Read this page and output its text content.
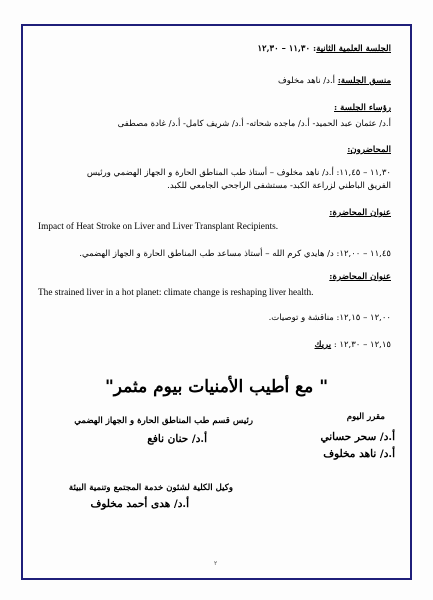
الجلسة العلمية الثانية: ١١,٣٠ – ١٢,٣٠
منسق الجلسة: أ.د/ ناهد مخلوف
رؤساء الجلسة :
أ.د/ عثمان عبد الحميد- أ.د/ ماجده شحاته- أ.د/ شريف كامل- أ.د/ غادة مصطفى
المحاضرون:
١١,٣٠ – ١١,٤٥: أ.د/ ناهد مخلوف – أستاذ طب المناطق الحارة و الجهاز الهضمي ورئيس
الفريق الباطني لزراعة الكبد- مستشفى الراجحي الجامعي للكبد.
عنوان المحاضرة:
Impact of Heat Stroke on Liver and Liver Transplant Recipients.
١١,٤٥ – ١٢,٠٠: د/ هايدي كرم الله – أستاذ مساعد طب المناطق الحارة و الجهاز الهضمي.
عنوان المحاضرة:
The strained liver in a hot planet: climate change is reshaping liver health.
١٢,٠٠ – ١٢,١٥: مناقشة و توصيات.
١٢,١٥ – ١٢,٣٠ : بريك
" مع أطيب الأمنيات بيوم مثمر"
مقرر اليوم
أ.د/ سحر حساني
أ.د/ ناهد مخلوف
رئيس قسم طب المناطق الحارة و الجهاز الهضمي
أ.د/ حنان نافع
وكيل الكلية لشئون خدمة المجتمع وتنمية البيئة
أ.د/ هدى أحمد مخلوف
٢
